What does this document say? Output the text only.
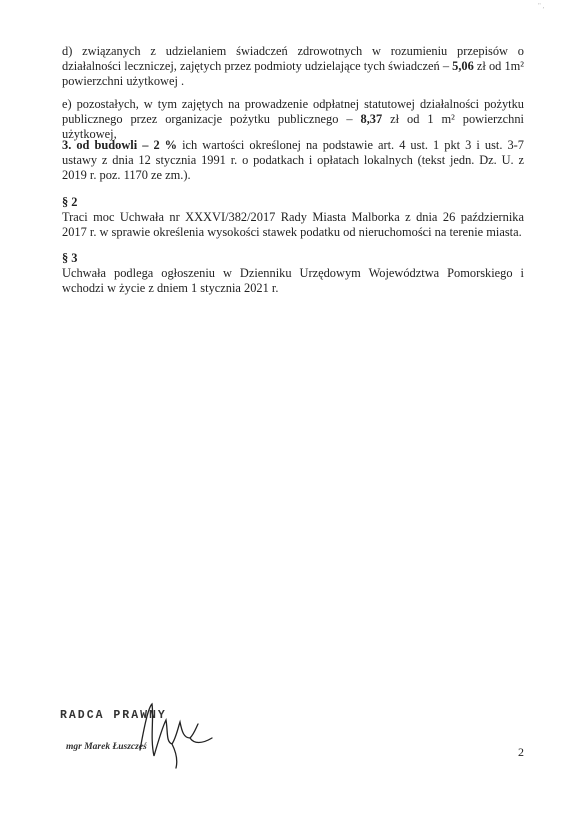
" ,

d) związanych z udzielaniem świadczeń zdrowotnych w rozumieniu przepisów o działalności leczniczej, zajętych przez podmioty udzielające tych świadczeń – 5,06 zł od 1m² powierzchni użytkowej .

e) pozostałych, w tym zajętych na prowadzenie odpłatnej statutowej działalności pożytku publicznego przez organizacje pożytku publicznego – 8,37 zł od 1 m² powierzchni użytkowej,

3. od budowli – 2 % ich wartości określonej na podstawie art. 4 ust. 1 pkt 3 i ust. 3-7 ustawy z dnia 12 stycznia 1991 r. o podatkach i opłatach lokalnych (tekst jedn. Dz. U. z 2019 r. poz. 1170 ze zm.).

§ 2

Traci moc Uchwała nr XXXVI/382/2017 Rady Miasta Malborka z dnia 26 października 2017 r. w sprawie określenia wysokości stawek podatku od nieruchomości na terenie miasta.

§ 3

Uchwała podlega ogłoszeniu w Dzienniku Urzędowym Województwa Pomorskiego i wchodzi w życie z dniem 1 stycznia 2021 r.

RADCA PRAWNY
mgr Marek Łuszcześ	2
